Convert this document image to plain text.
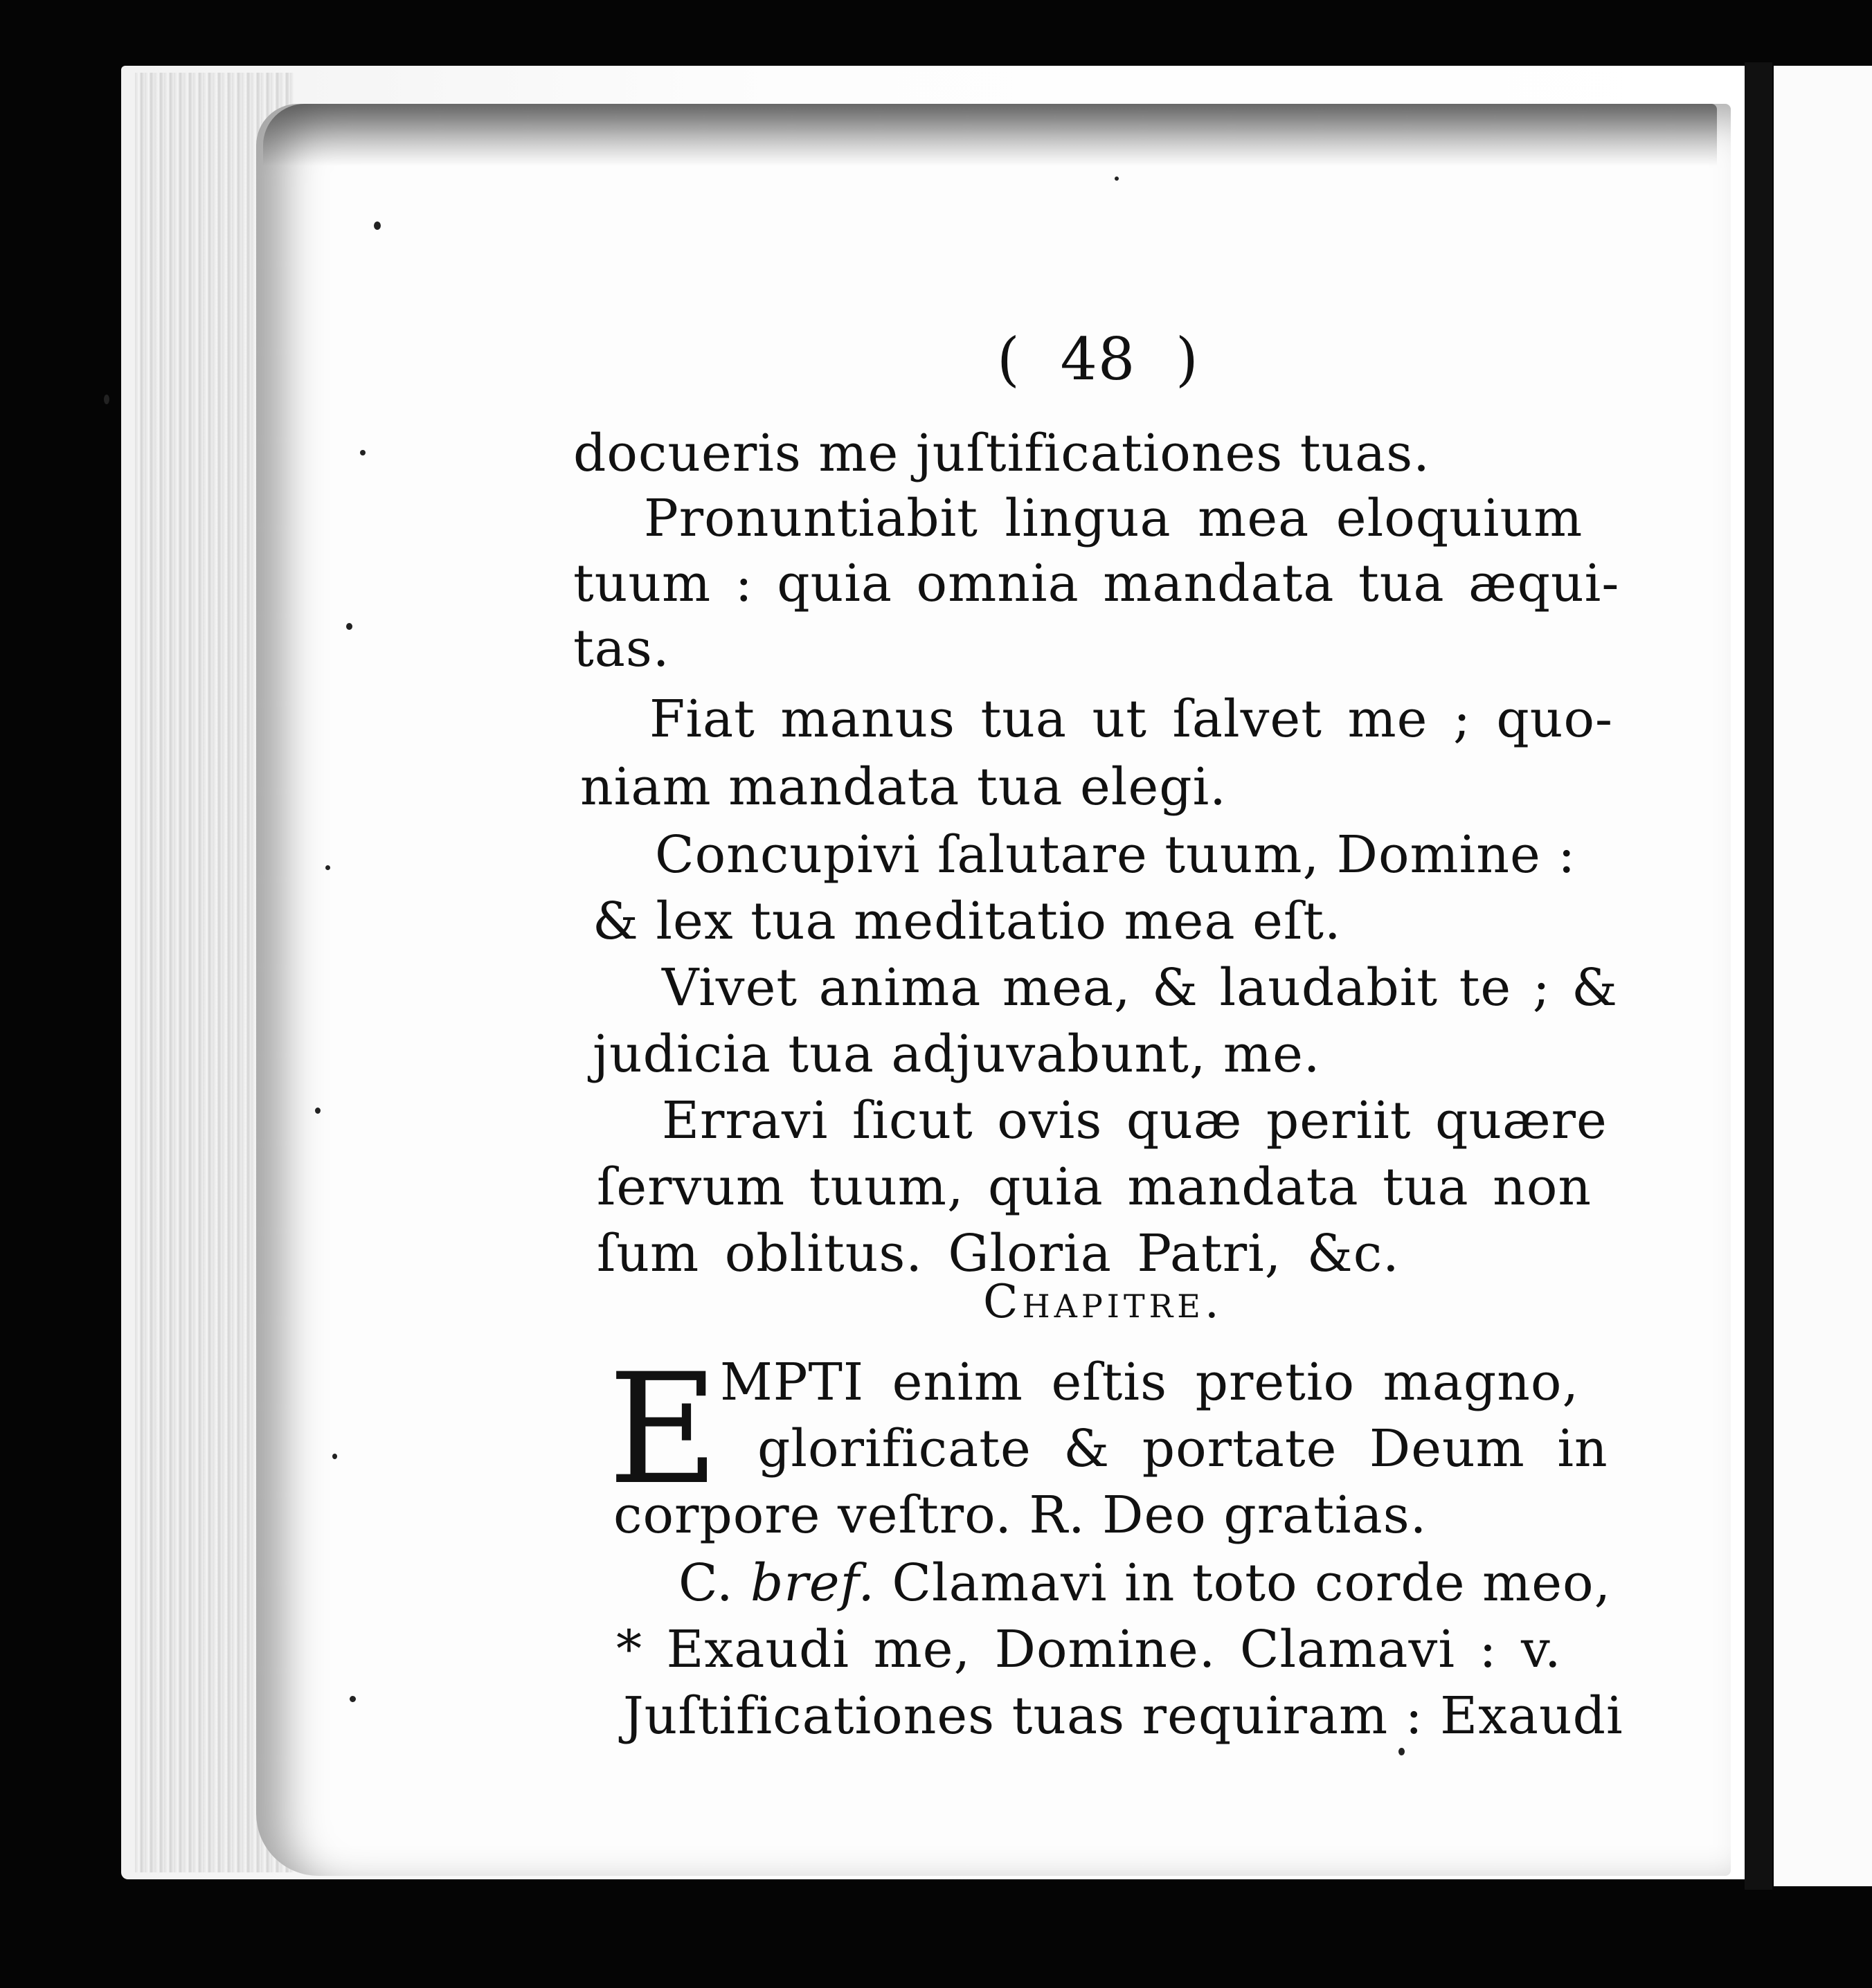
( 48 )
docueris me juſtificationes tuas.
Pronuntiabit lingua mea eloquium
tuum : quia omnia mandata tua æqui-
tas.
Fiat manus tua ut ſalvet me ; quo-
niam mandata tua elegi.
Concupivi ſalutare tuum, Domine :
& lex tua meditatio mea eſt.
Vivet anima mea, & laudabit te ; &
judicia tua adjuvabunt, me.
Erravi ſicut ovis quæ periit quære
ſervum tuum, quia mandata tua non
ſum oblitus. Gloria Patri, &c.
Chapitre.
E MPTI enim eſtis pretio magno,
glorificate & portate Deum in
corpore veſtro. R. Deo gratias.
C. bref. Clamavi in toto corde meo,
* Exaudi me, Domine. Clamavi : v.
Juſtificationes tuas requiram : Exaudi
